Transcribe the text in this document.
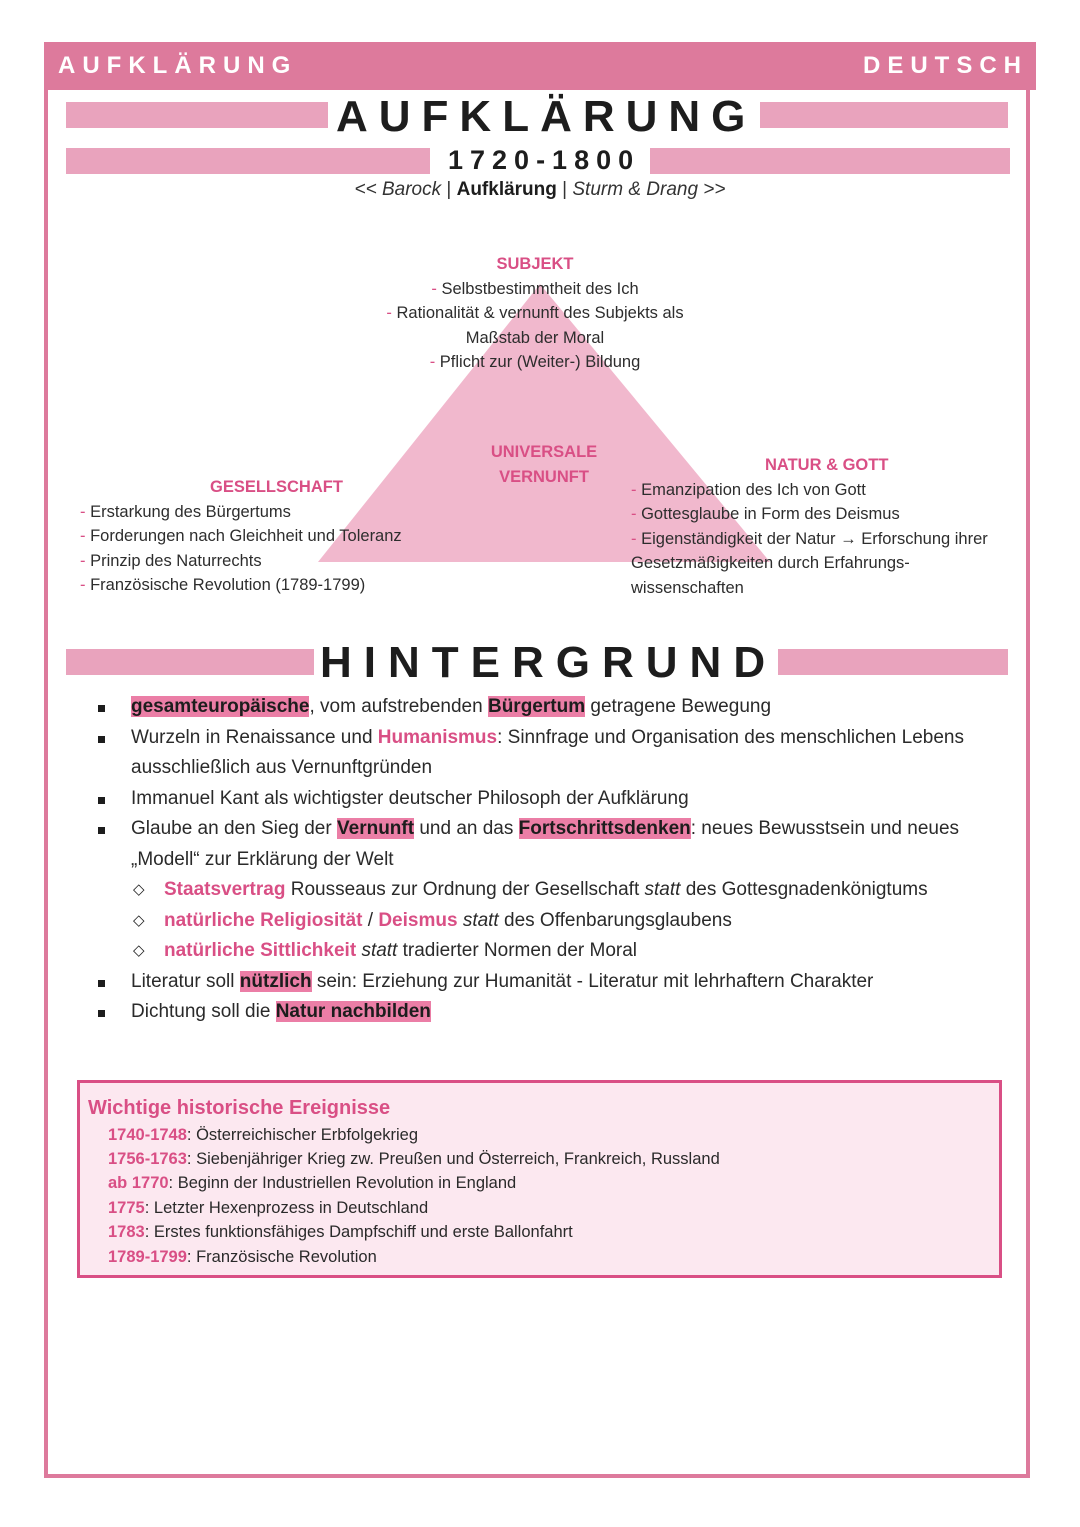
AUFKLÄRUNG	DEUTSCH
AUFKLÄRUNG
1720-1800
<< Barock | Aufklärung | Sturm & Drang >>
SUBJEKT
- Selbstbestimmtheit des Ich
- Rationalität & vernunft des Subjekts als
Maßstab der Moral
- Pflicht zur (Weiter-) Bildung
UNIVERSALE
VERNUNFT
GESELLSCHAFT
- Erstarkung des Bürgertums
- Forderungen nach Gleichheit und Toleranz
- Prinzip des Naturrechts
- Französische Revolution (1789-1799)
NATUR & GOTT
- Emanzipation des Ich von Gott
- Gottesglaube in Form des Deismus
- Eigenständigkeit der Natur → Erforschung ihrer
Gesetzmäßigkeiten durch Erfahrungs-
wissenschaften
HINTERGRUND
gesamteuropäische, vom aufstrebenden Bürgertum getragene Bewegung
Wurzeln in Renaissance und Humanismus: Sinnfrage und Organisation des menschlichen Lebens
ausschließlich aus Vernunftgründen
Immanuel Kant als wichtigster deutscher Philosoph der Aufklärung
Glaube an den Sieg der Vernunft und an das Fortschrittsdenken: neues Bewusstsein und neues
„Modell“ zur Erklärung der Welt
◇ Staatsvertrag Rousseaus zur Ordnung der Gesellschaft statt des Gottesgnadenkönigtums
◇ natürliche Religiosität / Deismus statt des Offenbarungsglaubens
◇ natürliche Sittlichkeit statt tradierter Normen der Moral
Literatur soll nützlich sein: Erziehung zur Humanität - Literatur mit lehrhaftern Charakter
Dichtung soll die Natur nachbilden
Wichtige historische Ereignisse
1740-1748: Österreichischer Erbfolgekrieg
1756-1763: Siebenjähriger Krieg zw. Preußen und Österreich, Frankreich, Russland
ab 1770: Beginn der Industriellen Revolution in England
1775: Letzter Hexenprozess in Deutschland
1783: Erstes funktionsfähiges Dampfschiff und erste Ballonfahrt
1789-1799: Französische Revolution
